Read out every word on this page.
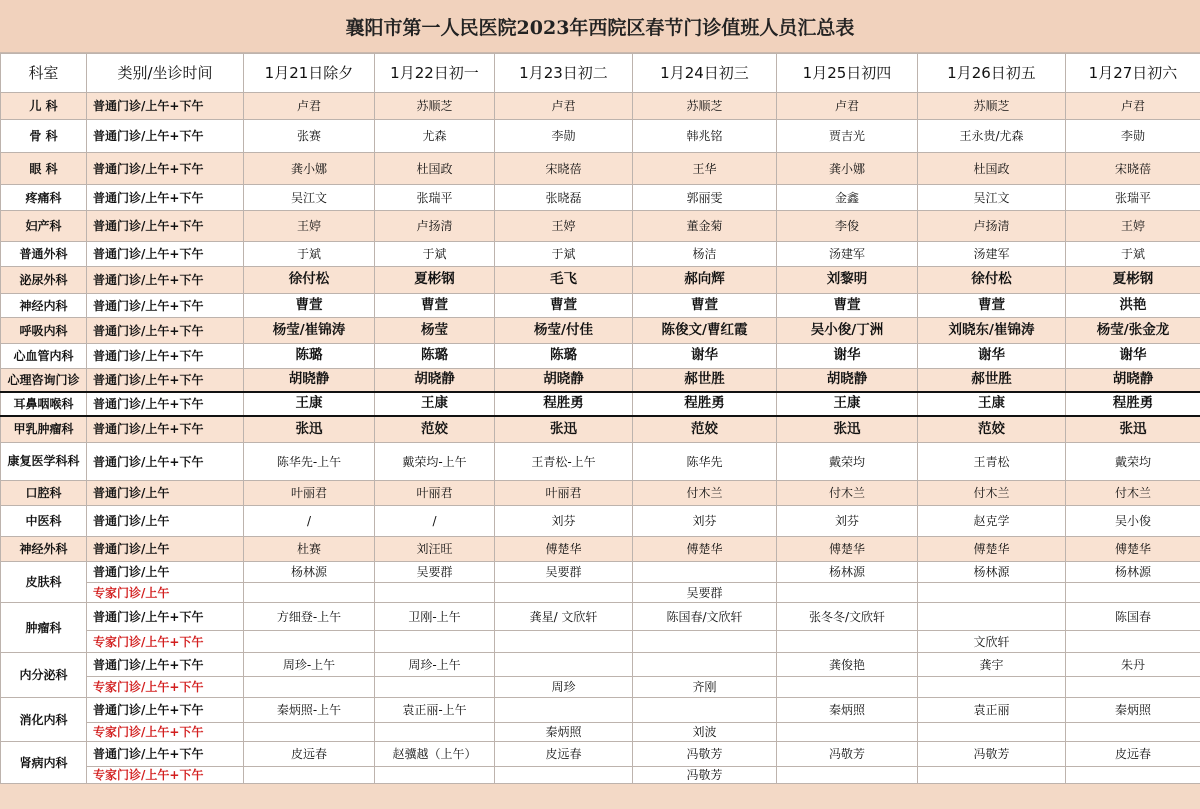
襄阳市第一人民医院2023年西院区春节门诊值班人员汇总表
科室	类别/坐诊时间	1月21日除夕	1月22日初一	1月23日初二	1月24日初三	1月25日初四	1月26日初五	1月27日初六
儿 科	普通门诊/上午+下午	卢君	苏顺芝	卢君	苏顺芝	卢君	苏顺芝	卢君
骨 科	普通门诊/上午+下午	张赛	尤森	李勋	韩兆铭	贾吉光	王永贵/尤森	李勋
眼 科	普通门诊/上午+下午	龚小娜	杜国政	宋晓蓓	王华	龚小娜	杜国政	宋晓蓓
疼痛科	普通门诊/上午+下午	吴江文	张瑞平	张晓磊	郭丽雯	金鑫	吴江文	张瑞平
妇产科	普通门诊/上午+下午	王婷	卢扬清	王婷	董金菊	李俊	卢扬清	王婷
普通外科	普通门诊/上午+下午	于斌	于斌	于斌	杨洁	汤建军	汤建军	于斌
泌尿外科	普通门诊/上午+下午	徐付松	夏彬钢	毛飞	郝向辉	刘黎明	徐付松	夏彬钢
神经内科	普通门诊/上午+下午	曹萱	曹萱	曹萱	曹萱	曹萱	曹萱	洪艳
呼吸内科	普通门诊/上午+下午	杨莹/崔锦涛	杨莹	杨莹/付佳	陈俊文/曹红霞	吴小俊/丁洲	刘晓东/崔锦涛	杨莹/张金龙
心血管内科	普通门诊/上午+下午	陈璐	陈璐	陈璐	谢华	谢华	谢华	谢华
心理咨询门诊	普通门诊/上午+下午	胡晓静	胡晓静	胡晓静	郝世胜	胡晓静	郝世胜	胡晓静
耳鼻咽喉科	普通门诊/上午+下午	王康	王康	程胜勇	程胜勇	王康	王康	程胜勇
甲乳肿瘤科	普通门诊/上午+下午	张迅	范姣	张迅	范姣	张迅	范姣	张迅
康复医学科科	普通门诊/上午+下午	陈华先-上午	戴荣均-上午	王青松-上午	陈华先	戴荣均	王青松	戴荣均
口腔科	普通门诊/上午	叶丽君	叶丽君	叶丽君	付木兰	付木兰	付木兰	付木兰
中医科	普通门诊/上午	/	/	刘芬	刘芬	刘芬	赵克学	吴小俊
神经外科	普通门诊/上午	杜赛	刘汪旺	傅楚华	傅楚华	傅楚华	傅楚华	傅楚华
皮肤科	普通门诊/上午	杨林源	吴要群	吴要群		杨林源	杨林源	杨林源
	专家门诊/上午				吴要群			
肿瘤科	普通门诊/上午+下午	方细登-上午	卫刚-上午	龚星/ 文欣轩	陈国春/文欣轩	张冬冬/文欣轩		陈国春
	专家门诊/上午+下午						文欣轩	
内分泌科	普通门诊/上午+下午	周珍-上午	周珍-上午			龚俊艳	龚宇	朱丹
	专家门诊/上午+下午			周珍	齐刚			
消化内科	普通门诊/上午+下午	秦炳照-上午	袁正丽-上午			秦炳照	袁正丽	秦炳照
	专家门诊/上午+下午			秦炳照	刘波			
肾病内科	普通门诊/上午+下午	皮远春	赵骥越（上午）	皮远春	冯敬芳	冯敬芳	冯敬芳	皮远春
	专家门诊/上午+下午				冯敬芳			
